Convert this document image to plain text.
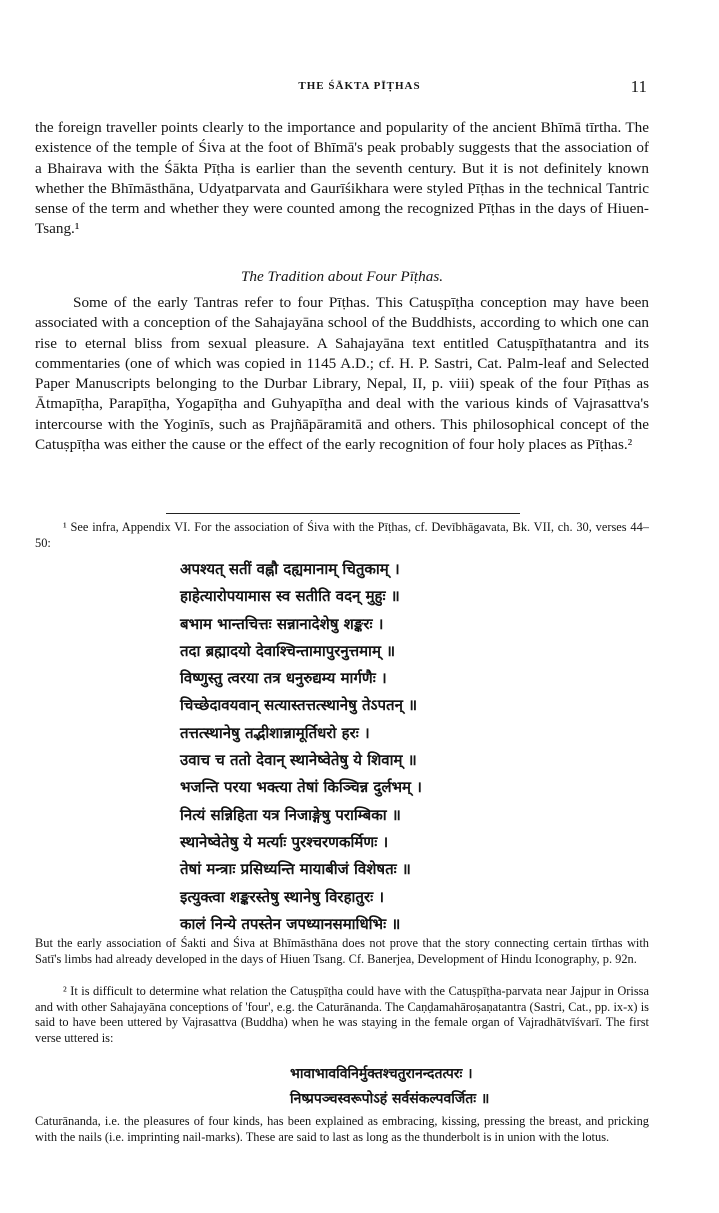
THE ŚĀKTA PĪṬHAS	11

the foreign traveller points clearly to the importance and popularity of the ancient Bhīmā tīrtha. The existence of the temple of Śiva at the foot of Bhīmā's peak probably suggests that the association of a Bhairava with the Śākta Pīṭha is earlier than the seventh century. But it is not definitely known whether the Bhīmāsthāna, Udyatparvata and Gaurīśikhara were styled Pīṭhas in the technical Tantric sense of the term and whether they were counted among the recognized Pīṭhas in the days of Hiuen-Tsang.¹

The Tradition about Four Pīṭhas.

Some of the early Tantras refer to four Pīṭhas. This Catuṣpīṭha conception may have been associated with a conception of the Sahajayāna school of the Buddhists, according to which one can rise to eternal bliss from sexual pleasure. A Sahajayāna text entitled Catuṣpīṭhatantra and its commentaries (one of which was copied in 1145 A.D.; cf. H. P. Sastri, Cat. Palm-leaf and Selected Paper Manuscripts belonging to the Durbar Library, Nepal, II, p. viii) speak of the four Pīṭhas as Ātmapīṭha, Parapīṭha, Yogapīṭha and Guhyapīṭha and deal with the various kinds of Vajrasattva's intercourse with the Yoginīs, such as Prajñāpāramitā and others. This philosophical concept of the Catuṣpīṭha was either the cause or the effect of the early recognition of four holy places as Pīṭhas.²

¹ See infra, Appendix VI. For the association of Śiva with the Pīṭhas, cf. Devībhāgavata, Bk. VII, ch. 30, verses 44–50:

अपश्यत् सतीं वह्नौ दह्यमानाम् चितुकाम् ।
हाहेत्यारोपयामास स्व सतीति वदन् मुहुः ॥
बभाम भान्तचित्तः सन्नानादेशेषु शङ्करः ।
तदा ब्रह्मादयो देवाश्चिन्तामापुरनुत्तमाम् ॥
विष्णुस्तु त्वरया तत्र धनुरुद्यम्य मार्गणैः ।
चिच्छेदावयवान् सत्यास्तत्तत्स्थानेषु तेऽपतन् ॥
तत्तत्स्थानेषु तद्भीशान्नामूर्तिधरो हरः ।
उवाच च ततो देवान् स्थानेष्वेतेषु ये शिवाम् ॥
भजन्ति परया भक्त्या तेषां किञ्चिन्न दुर्लभम् ।
नित्यं सन्निहिता यत्र निजाङ्गेषु पराम्बिका ॥
स्थानेष्वेतेषु ये मर्त्याः पुरश्चरणकर्मिणः ।
तेषां मन्त्राः प्रसिध्यन्ति मायाबीजं विशेषतः ॥
इत्युक्त्वा शङ्करस्तेषु स्थानेषु विरहातुरः ।
कालं निन्ये तपस्तेन जपध्यानसमाधिभिः ॥

But the early association of Śakti and Śiva at Bhīmāsthāna does not prove that the story connecting certain tīrthas with Satī's limbs had already developed in the days of Hiuen Tsang. Cf. Banerjea, Development of Hindu Iconography, p. 92n.

² It is difficult to determine what relation the Catuṣpīṭha could have with the Catuṣpīṭha-parvata near Jajpur in Orissa and with other Sahajayāna conceptions of 'four', e.g. the Caturānanda. The Caṇḍamahāroṣaṇatantra (Sastri, Cat., pp. ix-x) is said to have been uttered by Vajrasattva (Buddha) when he was staying in the female organ of Vajradhātvīśvarī. The first verse uttered is:

भावाभावविनिर्मुक्तश्चतुरानन्दतत्परः ।
निष्प्रपञ्चस्वरूपोऽहं सर्वसंकल्पवर्जितः ॥

Caturānanda, i.e. the pleasures of four kinds, has been explained as embracing, kissing, pressing the breast, and pricking with the nails (i.e. imprinting nail-marks). These are said to last as long as the thunderbolt is in union with the lotus.
